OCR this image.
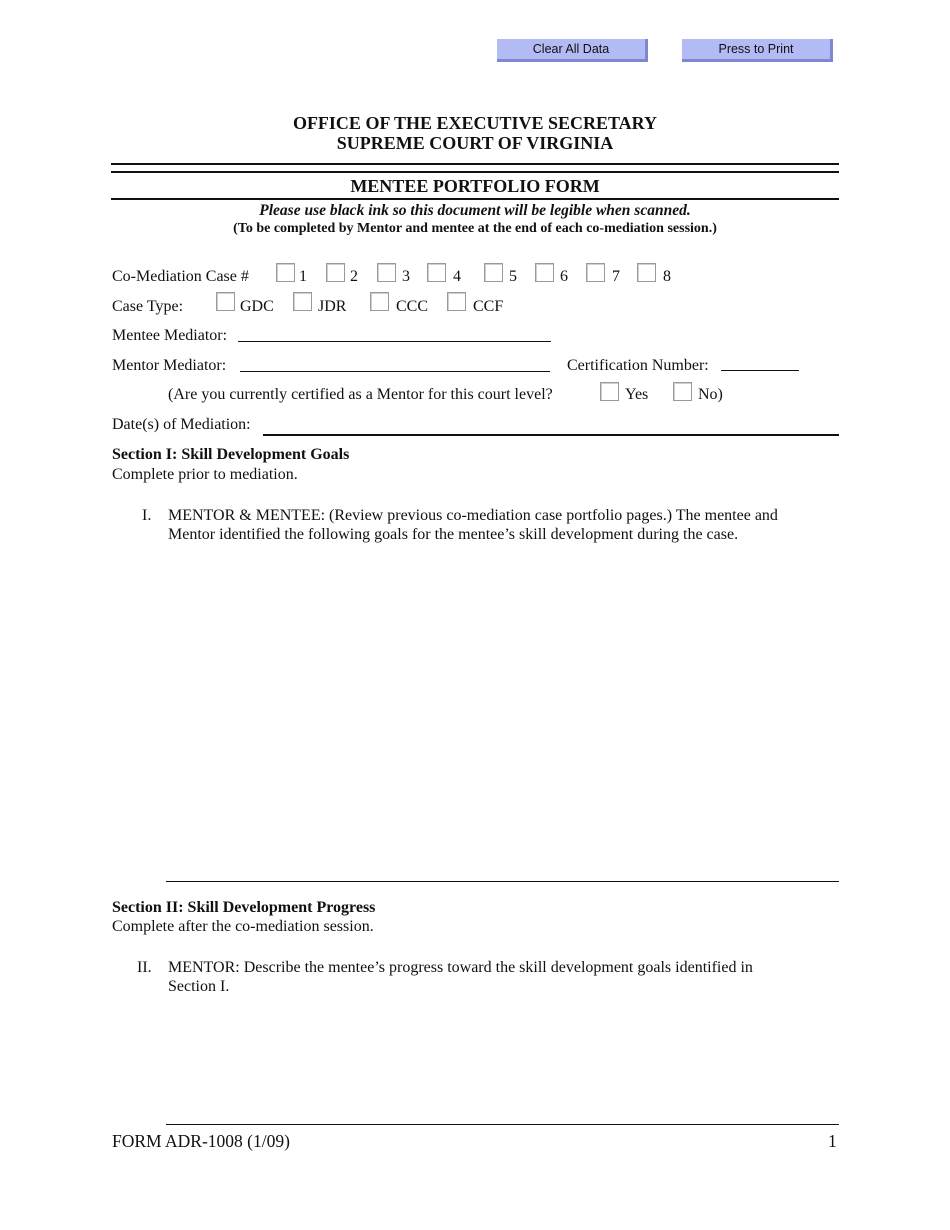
Clear All Data	Press to Print
OFFICE OF THE EXECUTIVE SECRETARY
SUPREME COURT OF VIRGINIA
MENTEE PORTFOLIO FORM
Please use black ink so this document will be legible when scanned.
(To be completed by Mentor and mentee at the end of each co-mediation session.)
Co-Mediation Case #	1	2	3	4	5	6	7	8
Case Type:	GDC	JDR	CCC	CCF
Mentee Mediator:
Mentor Mediator:	Certification Number:
(Are you currently certified as a Mentor for this court level?	Yes	No)
Date(s) of Mediation:
Section I: Skill Development Goals
Complete prior to mediation.
I. MENTOR & MENTEE: (Review previous co-mediation case portfolio pages.) The mentee and
Mentor identified the following goals for the mentee’s skill development during the case.
Section II: Skill Development Progress
Complete after the co-mediation session.
II. MENTOR: Describe the mentee’s progress toward the skill development goals identified in
Section I.
FORM ADR-1008 (1/09)	1
